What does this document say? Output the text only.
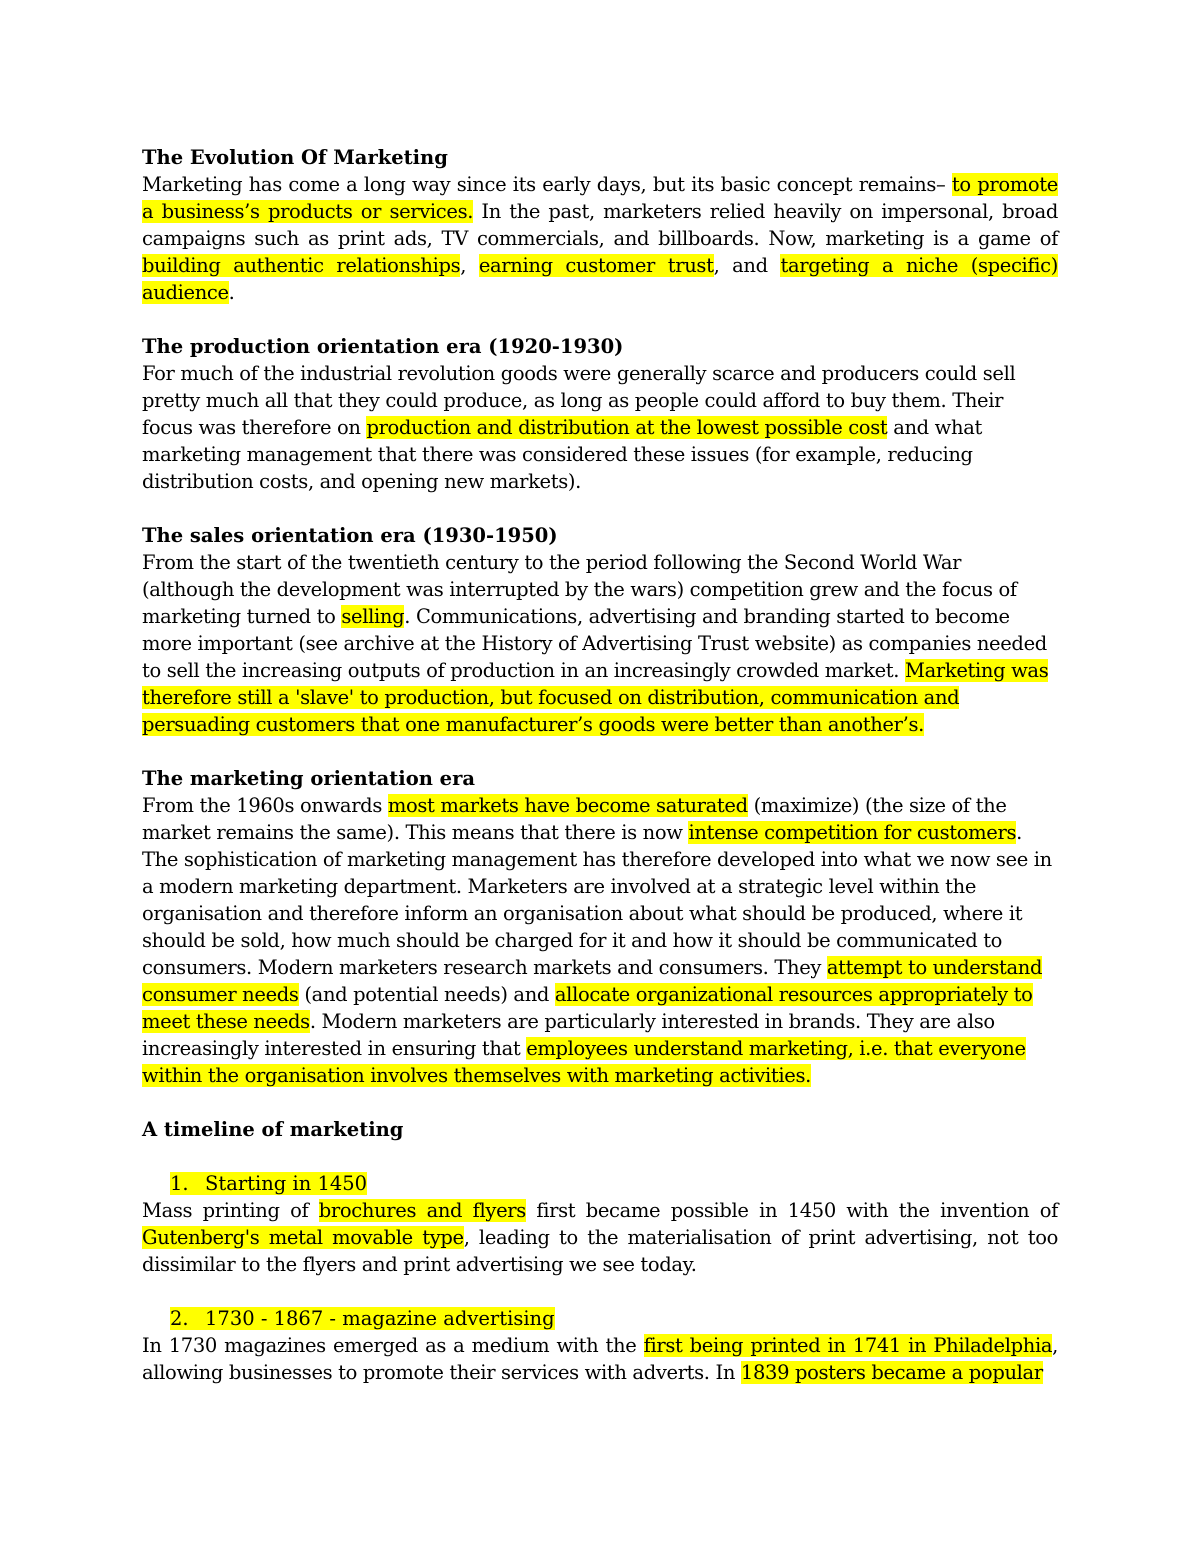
The Evolution Of Marketing

Marketing has come a long way since its early days, but its basic concept remains– to promote a business’s products or services. In the past, marketers relied heavily on impersonal, broad campaigns such as print ads, TV commercials, and billboards. Now, marketing is a game of building authentic relationships, earning customer trust, and targeting a niche (specific) audience.

The production orientation era (1920-1930)

For much of the industrial revolution goods were generally scarce and producers could sell pretty much all that they could produce, as long as people could afford to buy them. Their focus was therefore on production and distribution at the lowest possible cost and what marketing management that there was considered these issues (for example, reducing distribution costs, and opening new markets).

The sales orientation era (1930-1950)

From the start of the twentieth century to the period following the Second World War (although the development was interrupted by the wars) competition grew and the focus of marketing turned to selling. Communications, advertising and branding started to become more important (see archive at the History of Advertising Trust website) as companies needed to sell the increasing outputs of production in an increasingly crowded market. Marketing was therefore still a 'slave' to production, but focused on distribution, communication and persuading customers that one manufacturer’s goods were better than another’s.

The marketing orientation era

From the 1960s onwards most markets have become saturated (maximize) (the size of the market remains the same). This means that there is now intense competition for customers. The sophistication of marketing management has therefore developed into what we now see in a modern marketing department. Marketers are involved at a strategic level within the organisation and therefore inform an organisation about what should be produced, where it should be sold, how much should be charged for it and how it should be communicated to consumers. Modern marketers research markets and consumers. They attempt to understand consumer needs (and potential needs) and allocate organizational resources appropriately to meet these needs. Modern marketers are particularly interested in brands. They are also increasingly interested in ensuring that employees understand marketing, i.e. that everyone within the organisation involves themselves with marketing activities.

A timeline of marketing

1. Starting in 1450

Mass printing of brochures and flyers first became possible in 1450 with the invention of Gutenberg's metal movable type, leading to the materialisation of print advertising, not too dissimilar to the flyers and print advertising we see today.

2. 1730 - 1867 - magazine advertising

In 1730 magazines emerged as a medium with the first being printed in 1741 in Philadelphia, allowing businesses to promote their services with adverts. In 1839 posters became a popular
